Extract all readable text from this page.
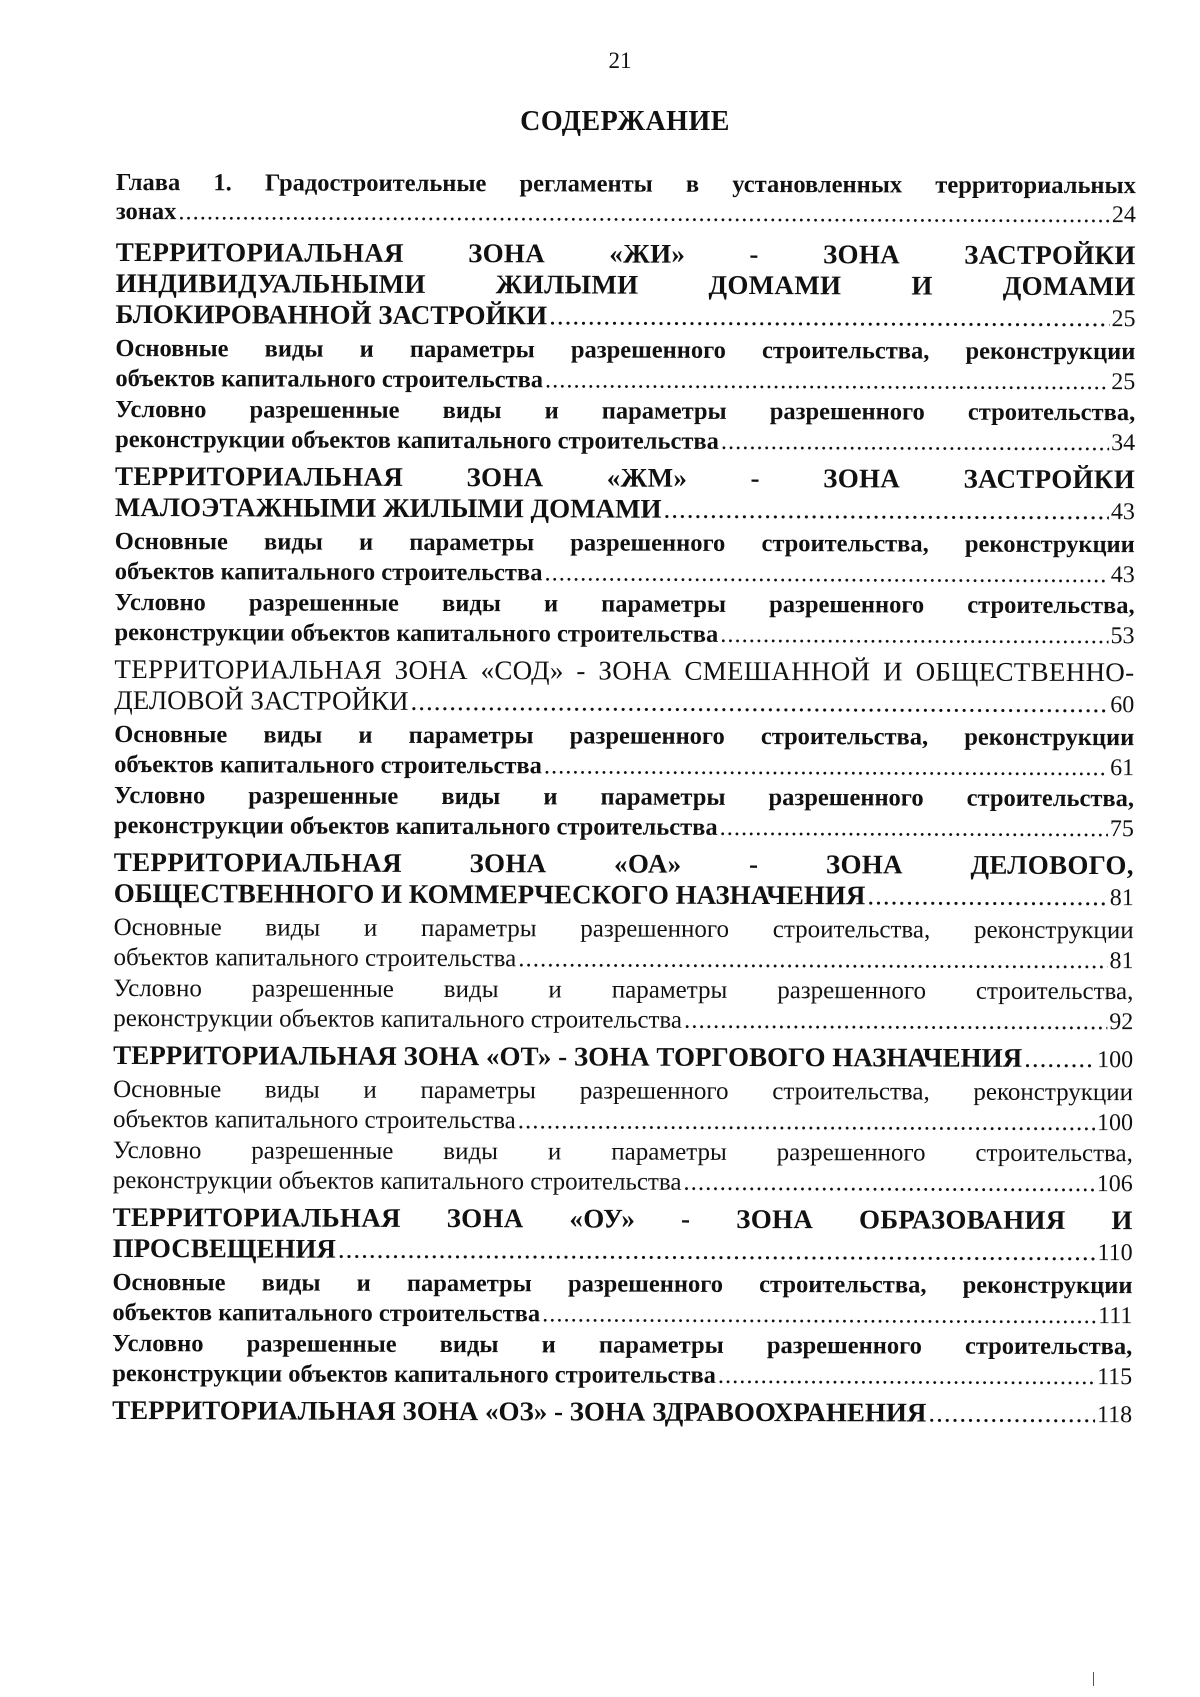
21
СОДЕРЖАНИЕ

Глава 1. Градостроительные регламенты в установленных территориальных

зонах .....	24

ТЕРРИТОРИАЛЬНАЯ ЗОНА «ЖИ» - ЗОНА ЗАСТРОЙКИ ИНДИВИДУАЛЬНЫМИ ЖИЛЫМИ ДОМАМИ И ДОМАМИ

БЛОКИРОВАННОЙ ЗАСТРОЙКИ .....	25

Основные виды и параметры разрешенного строительства, реконструкции

объектов капитального строительства .....	25

Условно разрешенные виды и параметры разрешенного строительства,

реконструкции объектов капитального строительства .....	34

ТЕРРИТОРИАЛЬНАЯ ЗОНА «ЖМ» - ЗОНА ЗАСТРОЙКИ

МАЛОЭТАЖНЫМИ ЖИЛЫМИ ДОМАМИ .....	43

Основные виды и параметры разрешенного строительства, реконструкции

объектов капитального строительства .....	43

Условно разрешенные виды и параметры разрешенного строительства,

реконструкции объектов капитального строительства .....	53

ТЕРРИТОРИАЛЬНАЯ ЗОНА «СОД» - ЗОНА СМЕШАННОЙ И ОБЩЕСТВЕННО-

ДЕЛОВОЙ ЗАСТРОЙКИ .....	60

Основные виды и параметры разрешенного строительства, реконструкции

объектов капитального строительства .....	61

Условно разрешенные виды и параметры разрешенного строительства,

реконструкции объектов капитального строительства .....	75

ТЕРРИТОРИАЛЬНАЯ ЗОНА «ОА» - ЗОНА ДЕЛОВОГО,

ОБЩЕСТВЕННОГО И КОММЕРЧЕСКОГО НАЗНАЧЕНИЯ .....	81

Основные виды и параметры разрешенного строительства, реконструкции

объектов капитального строительства .....	81

Условно разрешенные виды и параметры разрешенного строительства,

реконструкции объектов капитального строительства .....	92

ТЕРРИТОРИАЛЬНАЯ ЗОНА «ОТ» - ЗОНА ТОРГОВОГО НАЗНАЧЕНИЯ .....	100

Основные виды и параметры разрешенного строительства, реконструкции

объектов капитального строительства .....	100

Условно разрешенные виды и параметры разрешенного строительства,

реконструкции объектов капитального строительства .....	106

ТЕРРИТОРИАЛЬНАЯ ЗОНА «ОУ» - ЗОНА ОБРАЗОВАНИЯ И

ПРОСВЕЩЕНИЯ .....	110

Основные виды и параметры разрешенного строительства, реконструкции

объектов капитального строительства .....	111

Условно разрешенные виды и параметры разрешенного строительства,

реконструкции объектов капитального строительства .....	115

ТЕРРИТОРИАЛЬНАЯ ЗОНА «ОЗ» - ЗОНА ЗДРАВООХРАНЕНИЯ .....	118
